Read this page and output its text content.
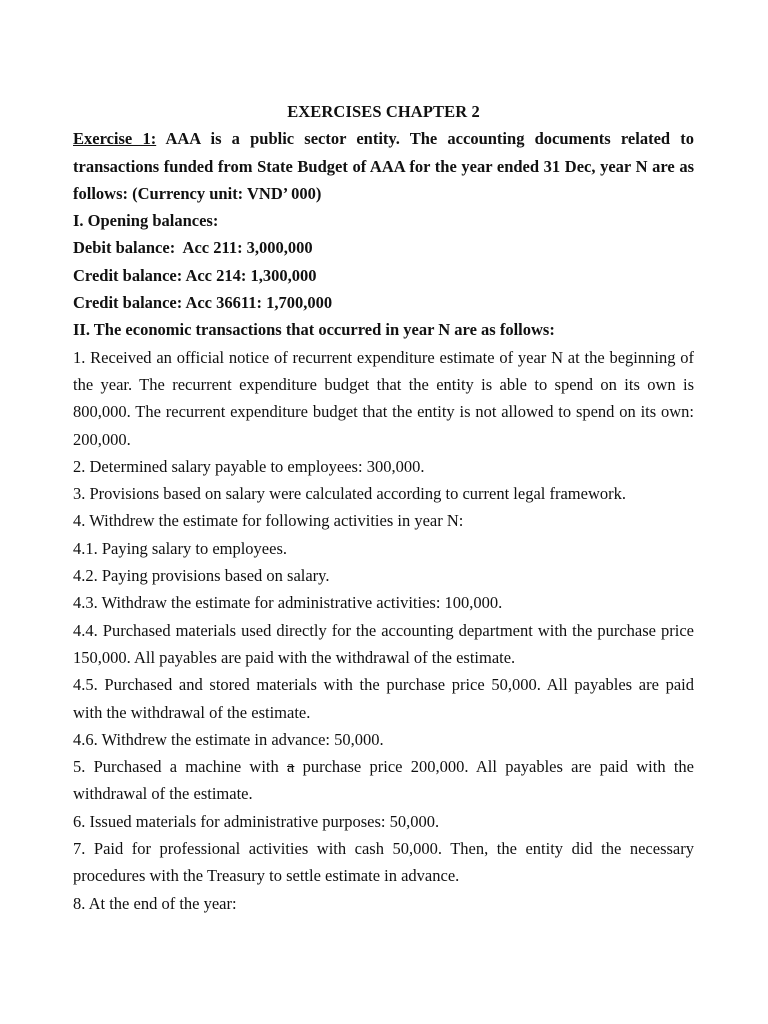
EXERCISES CHAPTER 2

Exercise 1: AAA is a public sector entity. The accounting documents related to transactions funded from State Budget of AAA for the year ended 31 Dec, year N are as follows: (Currency unit: VND’ 000)

I. Opening balances:

Debit balance:  Acc 211: 3,000,000

Credit balance: Acc 214: 1,300,000

Credit balance: Acc 36611: 1,700,000

II. The economic transactions that occurred in year N are as follows:

1. Received an official notice of recurrent expenditure estimate of year N at the beginning of the year. The recurrent expenditure budget that the entity is able to spend on its own is 800,000. The recurrent expenditure budget that the entity is not allowed to spend on its own: 200,000.

2. Determined salary payable to employees: 300,000.

3. Provisions based on salary were calculated according to current legal framework.

4. Withdrew the estimate for following activities in year N:

4.1. Paying salary to employees.

4.2. Paying provisions based on salary.

4.3. Withdraw the estimate for administrative activities: 100,000.

4.4. Purchased materials used directly for the accounting department with the purchase price 150,000. All payables are paid with the withdrawal of the estimate.

4.5. Purchased and stored materials with the purchase price 50,000. All payables are paid with the withdrawal of the estimate.

4.6. Withdrew the estimate in advance: 50,000.

5. Purchased a machine with a purchase price 200,000. All payables are paid with the withdrawal of the estimate.

6. Issued materials for administrative purposes: 50,000.

7. Paid for professional activities with cash 50,000. Then, the entity did the necessary procedures with the Treasury to settle estimate in advance.

8. At the end of the year:
